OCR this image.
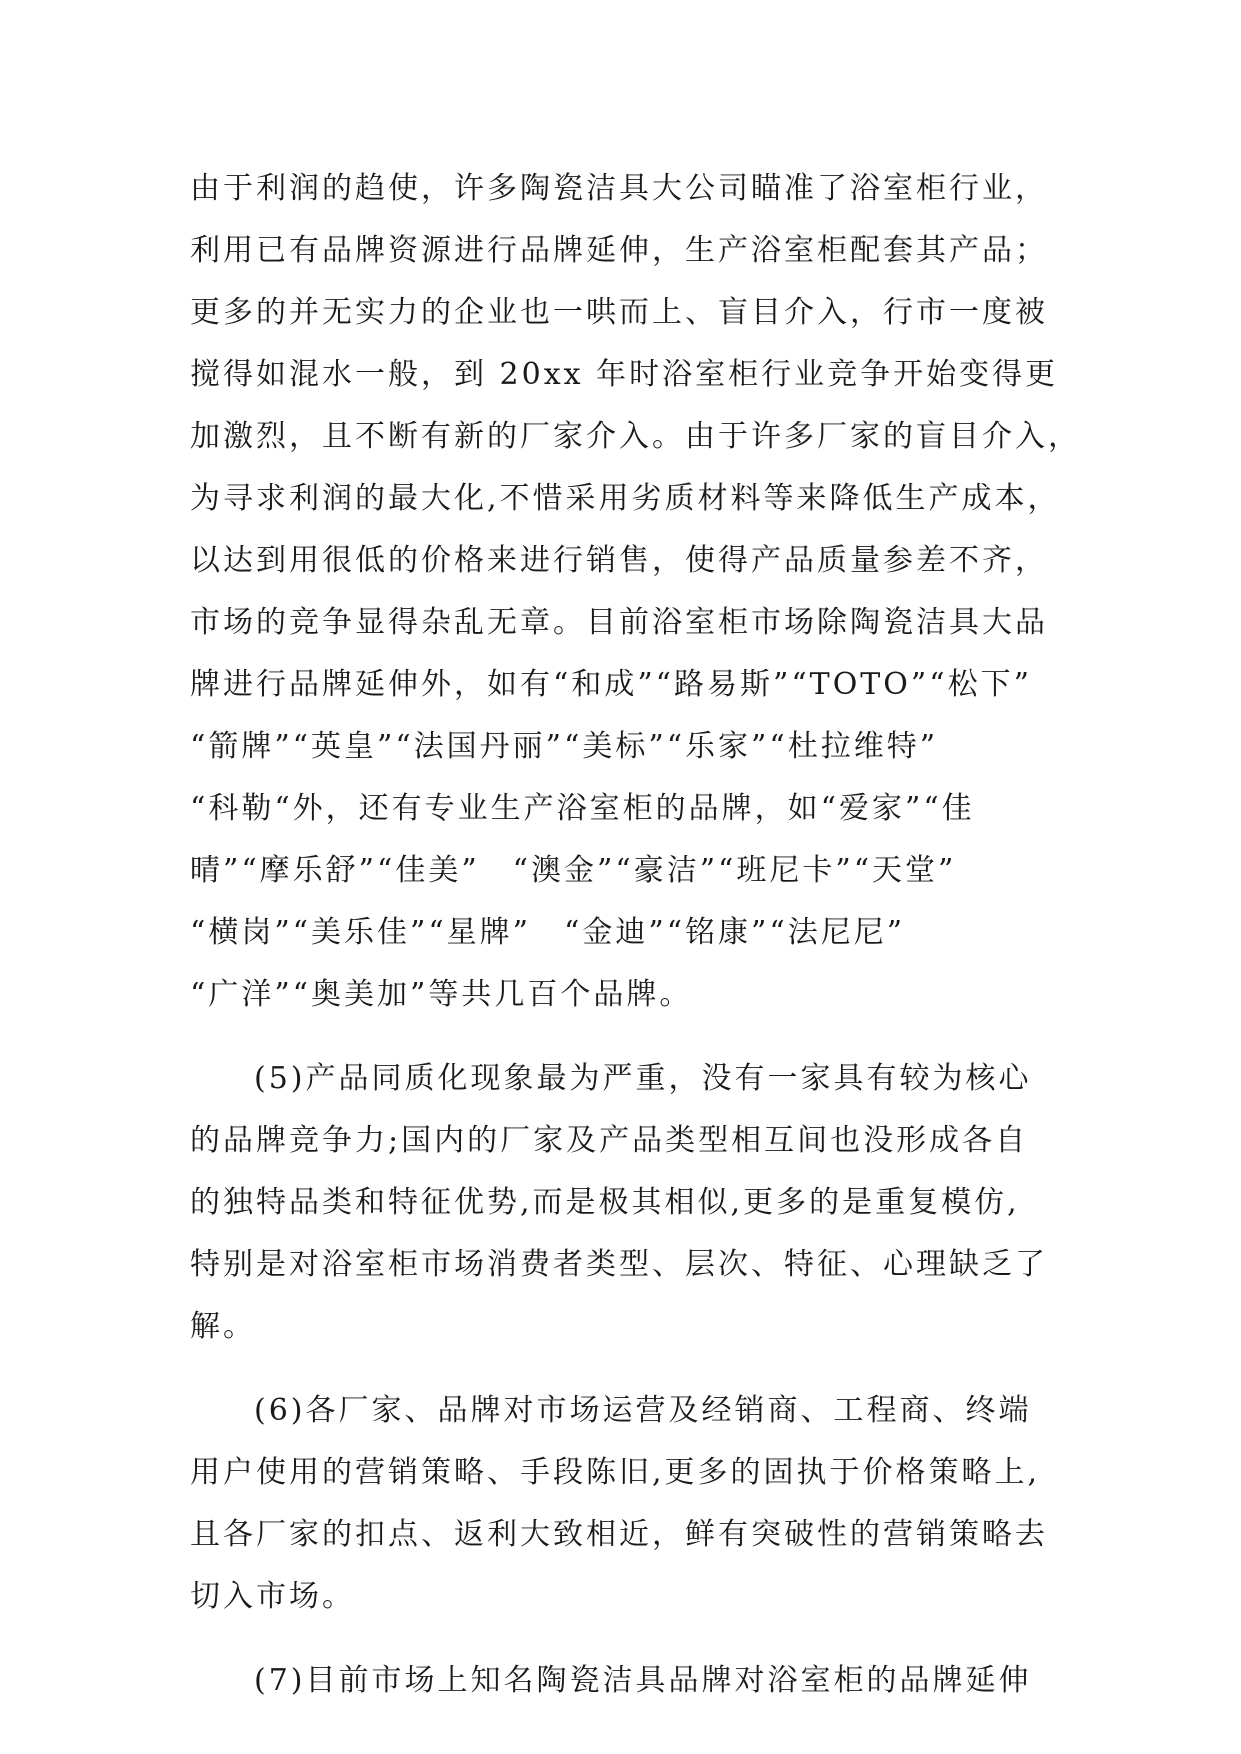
由于利润的趋使，许多陶瓷洁具大公司瞄准了浴室柜行业，
利用已有品牌资源进行品牌延伸，生产浴室柜配套其产品；
更多的并无实力的企业也一哄而上、盲目介入，行市一度被
搅得如混水一般，到 20xx 年时浴室柜行业竞争开始变得更
加激烈，且不断有新的厂家介入。由于许多厂家的盲目介入，
为寻求利润的最大化,不惜采用劣质材料等来降低生产成本，
以达到用很低的价格来进行销售，使得产品质量参差不齐，
市场的竞争显得杂乱无章。目前浴室柜市场除陶瓷洁具大品
牌进行品牌延伸外，如有“和成”“路易斯”“TOTO”“松下”
“箭牌”“英皇”“法国丹丽”“美标”“乐家”“杜拉维特”
“科勒“外，还有专业生产浴室柜的品牌，如“爱家”“佳
晴”“摩乐舒”“佳美”　“澳金”“豪洁”“班尼卡”“天堂”
“横岗”“美乐佳”“星牌”　“金迪”“铭康”“法尼尼”
“广洋”“奥美加”等共几百个品牌。
(5)产品同质化现象最为严重，没有一家具有较为核心
的品牌竞争力;国内的厂家及产品类型相互间也没形成各自
的独特品类和特征优势,而是极其相似,更多的是重复模仿,
特别是对浴室柜市场消费者类型、层次、特征、心理缺乏了
解。
(6)各厂家、品牌对市场运营及经销商、工程商、终端
用户使用的营销策略、手段陈旧,更多的固执于价格策略上,
且各厂家的扣点、返利大致相近，鲜有突破性的营销策略去
切入市场。
(7)目前市场上知名陶瓷洁具品牌对浴室柜的品牌延伸
